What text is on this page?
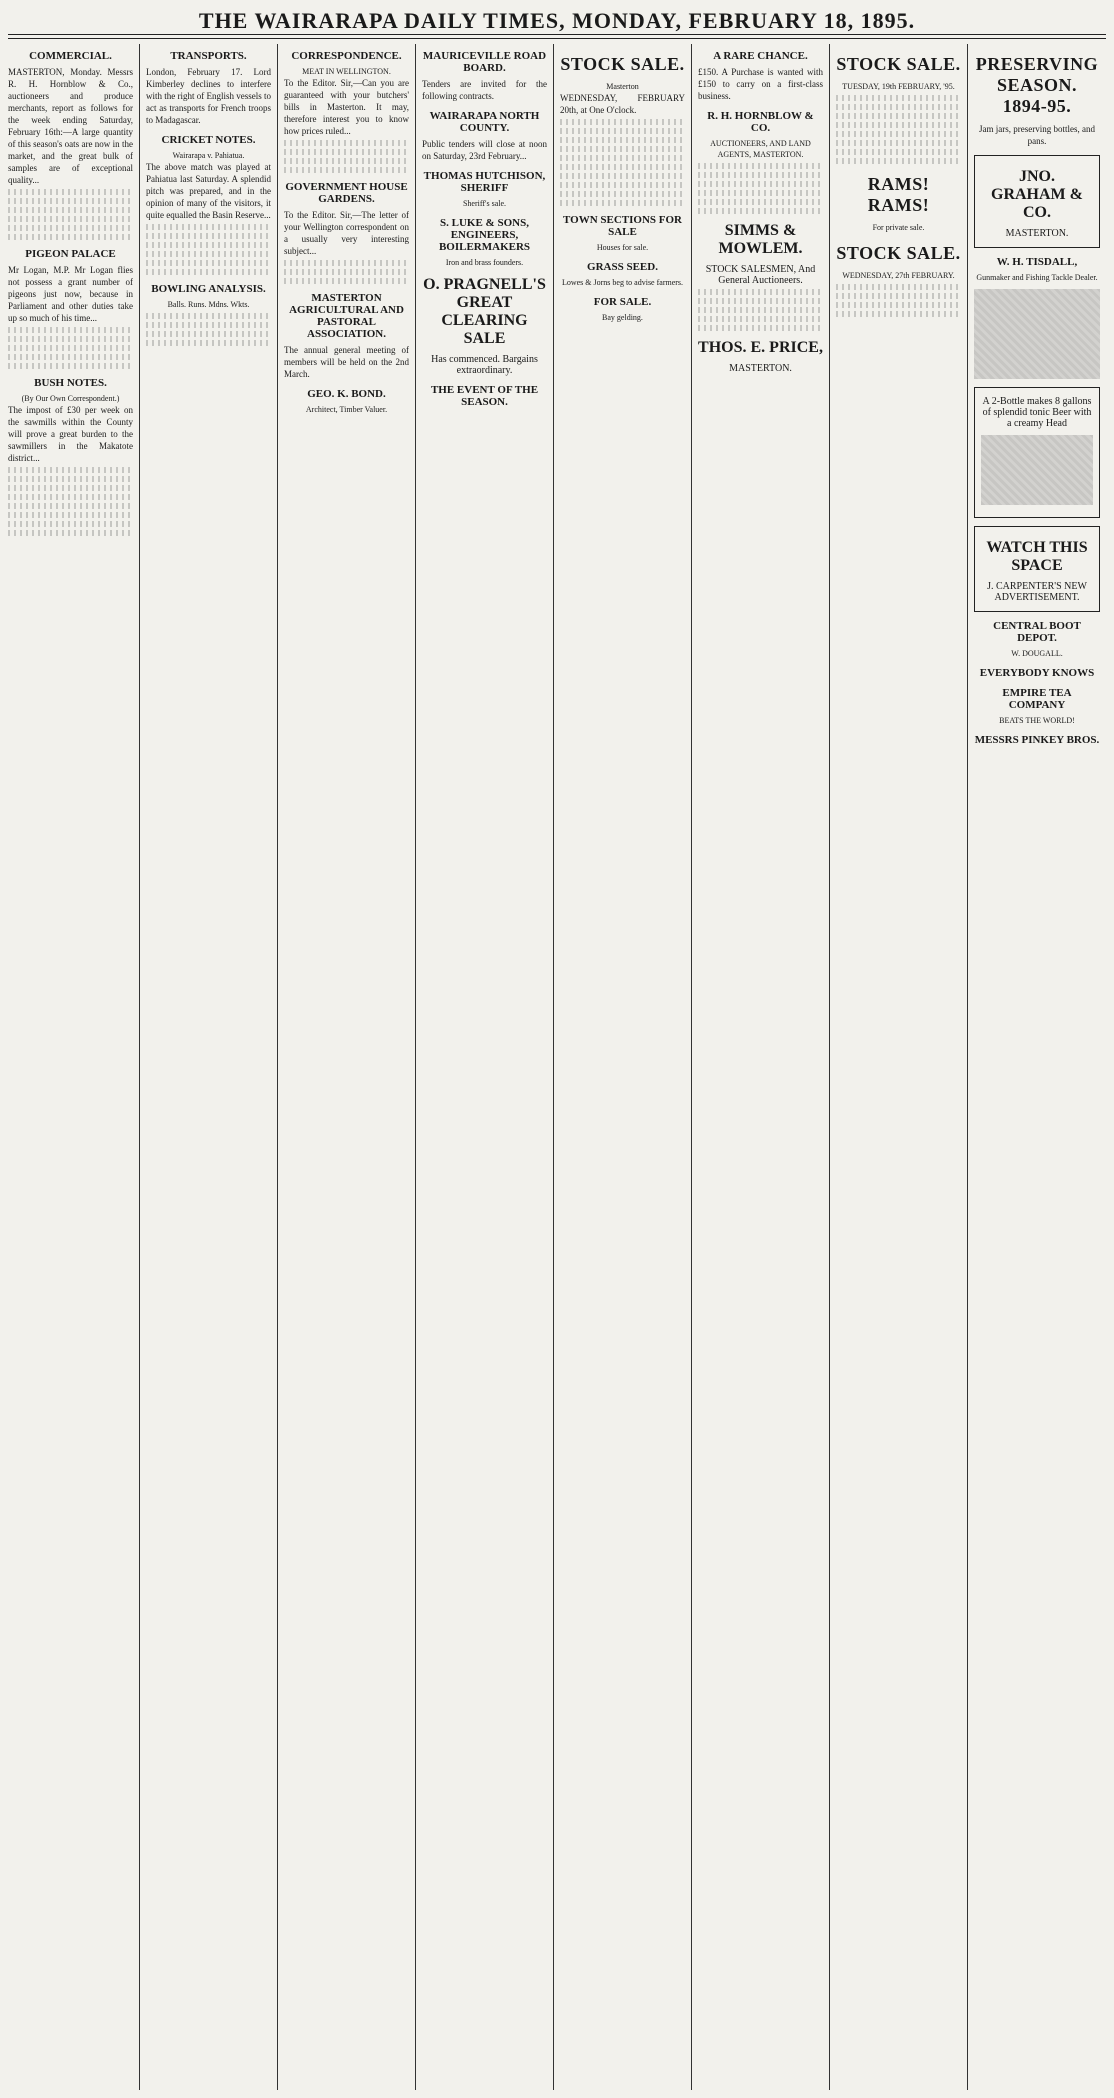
THE WAIRARAPA DAILY TIMES, MONDAY, FEBRUARY 18, 1895.
COMMERCIAL.
MASTERTON, Monday. Messrs R. H. Hornblow & Co., auctioneers and produce merchants, report as follows for the week ending Saturday, February 16th:—A large quantity of this season's oats are now in the market, and the great bulk of samples are of exceptional quality...
PIGEON PALACE
Mr Logan, M.P. Mr Logan flies not possess a grant number of pigeons just now, because in Parliament and other duties take up so much of his time...
BUSH NOTES.
(By Our Own Correspondent.)
The impost of £30 per week on the sawmills within the County will prove a great burden to the sawmillers in the Makatote district...
TRANSPORTS.
London, February 17. Lord Kimberley declines to interfere with the right of English vessels to act as transports for French troops to Madagascar.
CRICKET NOTES.
Wairarapa v. Pahiatua.
The above match was played at Pahiatua last Saturday. A splendid pitch was prepared, and in the opinion of many of the visitors, it quite equalled the Basin Reserve...
BOWLING ANALYSIS.
Balls. Runs. Mdns. Wkts.
CORRESPONDENCE.
MEAT IN WELLINGTON.
To the Editor. Sir,—Can you are guaranteed with your butchers' bills in Masterton. It may, therefore interest you to know how prices ruled...
GOVERNMENT HOUSE GARDENS.
To the Editor. Sir,—The letter of your Wellington correspondent on a usually very interesting subject...
MASTERTON AGRICULTURAL AND PASTORAL ASSOCIATION.
The annual general meeting of members will be held on the 2nd March.
GEO. K. BOND.
Architect, Timber Valuer.
MAURICEVILLE ROAD BOARD.
Tenders are invited for the following contracts.
WAIRARAPA NORTH COUNTY.
Public tenders will close at noon on Saturday, 23rd February...
THOMAS HUTCHISON, SHERIFF
Sheriff's sale.
S. LUKE & SONS, ENGINEERS, BOILERMAKERS
Iron and brass founders.
O. PRAGNELL'S GREAT CLEARING SALE
Has commenced. Bargains extraordinary.
THE EVENT OF THE SEASON.
STOCK SALE.
Masterton
WEDNESDAY, FEBRUARY 20th, at One O'clock.
TOWN SECTIONS FOR SALE
Houses for sale.
GRASS SEED.
Lowes & Jorns beg to advise farmers.
FOR SALE.
Bay gelding.
A RARE CHANCE.
£150. A Purchase is wanted with £150 to carry on a first-class business.
R. H. HORNBLOW & CO.
AUCTIONEERS, AND LAND AGENTS, MASTERTON.
SIMMS & MOWLEM.
STOCK SALESMEN, And General Auctioneers.
THOS. E. PRICE,
MASTERTON.
STOCK SALE.
TUESDAY, 19th FEBRUARY, '95.
RAMS! RAMS!
For private sale.
STOCK SALE.
WEDNESDAY, 27th FEBRUARY.
PRESERVING SEASON. 1894-95.
Jam jars, preserving bottles, and pans.
JNO. GRAHAM & CO.
MASTERTON.
W. H. TISDALL,
Gunmaker and Fishing Tackle Dealer.
A 2-Bottle makes 8 gallons of splendid tonic Beer with a creamy Head
WATCH THIS SPACE
J. CARPENTER'S NEW ADVERTISEMENT.
CENTRAL BOOT DEPOT.
W. DOUGALL.
EVERYBODY KNOWS
EMPIRE TEA COMPANY
BEATS THE WORLD!
MESSRS PINKEY BROS.
